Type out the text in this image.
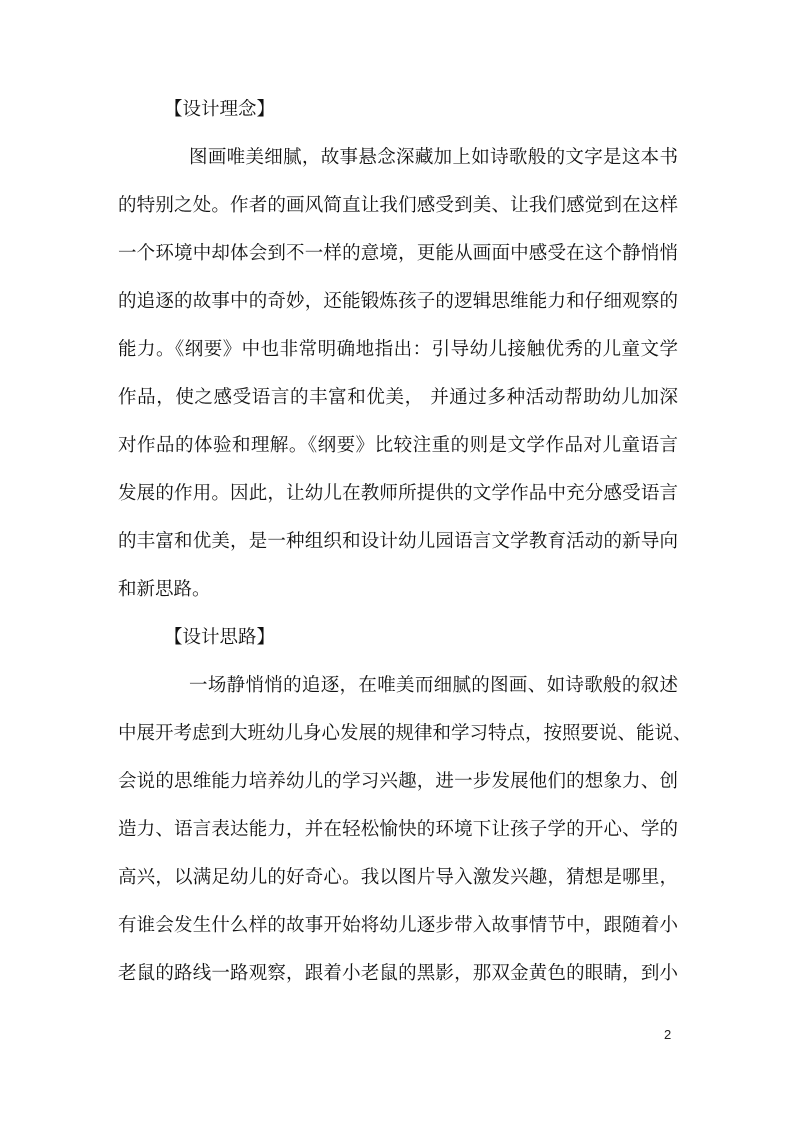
【设计理念】
图画唯美细腻，故事悬念深藏加上如诗歌般的文字是这本书
的特别之处。作者的画风简直让我们感受到美、让我们感觉到在这样
一个环境中却体会到不一样的意境，更能从画面中感受在这个静悄悄
的追逐的故事中的奇妙，还能锻炼孩子的逻辑思维能力和仔细观察的
能力。《纲要》中也非常明确地指出：引导幼儿接触优秀的儿童文学
作品，使之感受语言的丰富和优美， 并通过多种活动帮助幼儿加深
对作品的体验和理解。《纲要》比较注重的则是文学作品对儿童语言
发展的作用。因此，让幼儿在教师所提供的文学作品中充分感受语言
的丰富和优美，是一种组织和设计幼儿园语言文学教育活动的新导向
和新思路。
【设计思路】
一场静悄悄的追逐，在唯美而细腻的图画、如诗歌般的叙述
中展开考虑到大班幼儿身心发展的规律和学习特点，按照要说、能说、
会说的思维能力培养幼儿的学习兴趣，进一步发展他们的想象力、创
造力、语言表达能力，并在轻松愉快的环境下让孩子学的开心、学的
高兴，以满足幼儿的好奇心。我以图片导入激发兴趣，猜想是哪里，
有谁会发生什么样的故事开始将幼儿逐步带入故事情节中，跟随着小
老鼠的路线一路观察，跟着小老鼠的黑影，那双金黄色的眼睛，到小
2
